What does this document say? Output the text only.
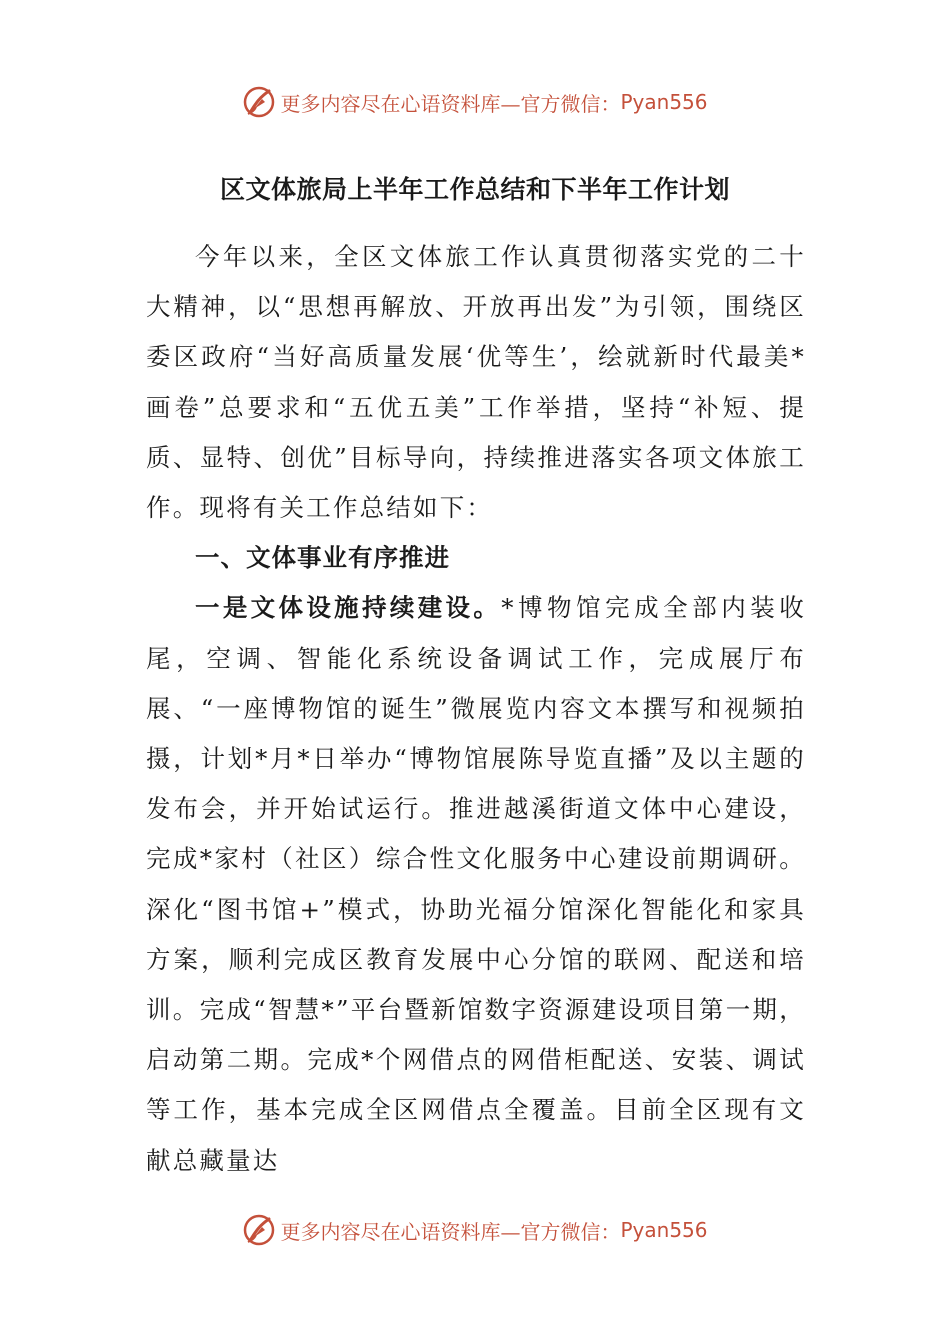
更多内容尽在心语资料库—官方微信： Pyan556
区文体旅局上半年工作总结和下半年工作计划

今年以来，全区文体旅工作认真贯彻落实党的二十大精神，以“思想再解放、开放再出发”为引领，围绕区委区政府“当好高质量发展‘优等生’，绘就新时代最美*画卷”总要求和“五优五美”工作举措，坚持“补短、提质、显特、创优”目标导向，持续推进落实各项文体旅工作。现将有关工作总结如下：

一、文体事业有序推进

一是文体设施持续建设。*博物馆完成全部内装收尾，空调、智能化系统设备调试工作，完成展厅布展、“一座博物馆的诞生”微展览内容文本撰写和视频拍摄，计划*月*日举办“博物馆展陈导览直播”及以主题的发布会，并开始试运行。推进越溪街道文体中心建设，完成*家村（社区）综合性文化服务中心建设前期调研。深化“图书馆+”模式，协助光福分馆深化智能化和家具方案，顺利完成区教育发展中心分馆的联网、配送和培训。完成“智慧*”平台暨新馆数字资源建设项目第一期，启动第二期。完成*个网借点的网借柜配送、安装、调试等工作，基本完成全区网借点全覆盖。目前全区现有文献总藏量达

更多内容尽在心语资料库—官方微信： Pyan556
